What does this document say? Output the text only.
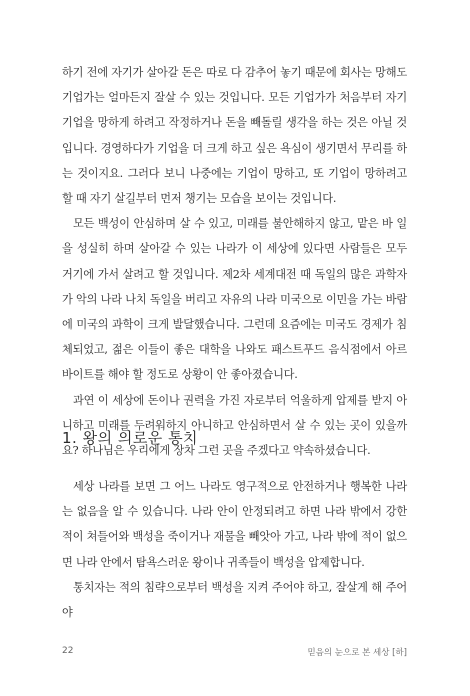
하기 전에 자기가 살아갈 돈은 따로 다 감추어 놓기 때문에 회사는 망해도 기업가는 얼마든지 잘살 수 있는 것입니다. 모든 기업가가 처음부터 자기 기업을 망하게 하려고 작정하거나 돈을 빼돌릴 생각을 하는 것은 아닐 것입니다. 경영하다가 기업을 더 크게 하고 싶은 욕심이 생기면서 무리를 하는 것이지요. 그러다 보니 나중에는 기업이 망하고, 또 기업이 망하려고 할 때 자기 살길부터 먼저 챙기는 모습을 보이는 것입니다.

모든 백성이 안심하며 살 수 있고, 미래를 불안해하지 않고, 맡은 바 일을 성실히 하며 살아갈 수 있는 나라가 이 세상에 있다면 사람들은 모두 거기에 가서 살려고 할 것입니다. 제2차 세계대전 때 독일의 많은 과학자가 악의 나라 나치 독일을 버리고 자유의 나라 미국으로 이민을 가는 바람에 미국의 과학이 크게 발달했습니다. 그런데 요즘에는 미국도 경제가 침체되었고, 젊은 이들이 좋은 대학을 나와도 패스트푸드 음식점에서 아르바이트를 해야 할 정도로 상황이 안 좋아졌습니다.

과연 이 세상에 돈이나 권력을 가진 자로부터 억울하게 압제를 받지 아니하고 미래를 두려워하지 아니하고 안심하면서 살 수 있는 곳이 있을까요? 하나님은 우리에게 장차 그런 곳을 주겠다고 약속하셨습니다.

1. 왕의 의로운 통치

세상 나라를 보면 그 어느 나라도 영구적으로 안전하거나 행복한 나라는 없음을 알 수 있습니다. 나라 안이 안정되려고 하면 나라 밖에서 강한 적이 쳐들어와 백성을 죽이거나 재물을 빼앗아 가고, 나라 밖에 적이 없으면 나라 안에서 탐욕스러운 왕이나 귀족들이 백성을 압제합니다.

통치자는 적의 침략으로부터 백성을 지켜 주어야 하고, 잘살게 해 주어야

22	믿음의 눈으로 본 세상 [하]
